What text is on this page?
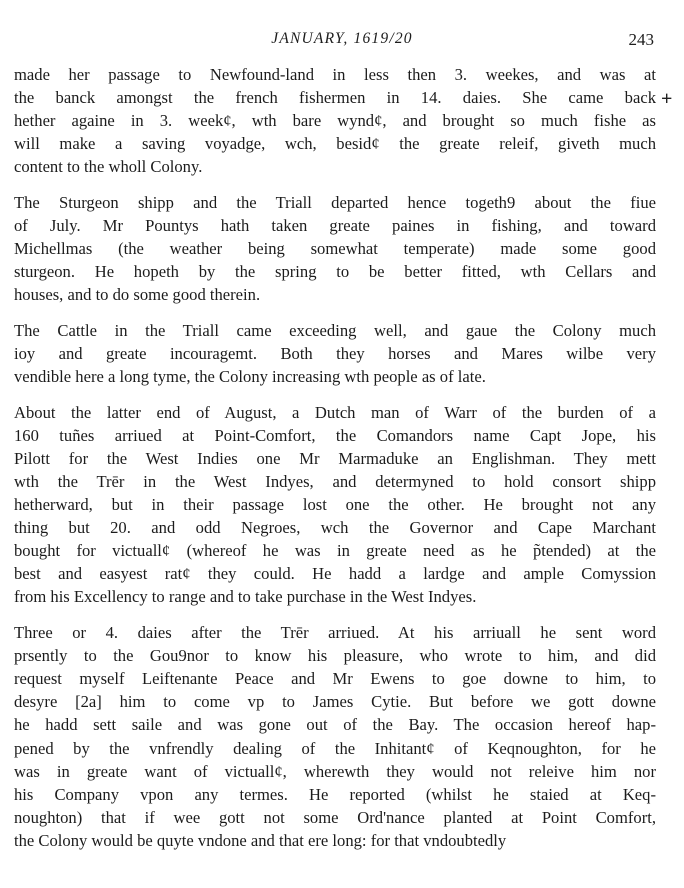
JANUARY, 1619/20	243
+

made her passage to Newfound-land in less then 3. weekes, and was at
the banck amongst the french fishermen in 14. daies. She came back
hether againe in 3. weekȼ, wth bare wyndȼ, and brought so much fishe as
will make a saving voyadge, wch, besidȼ the greate releif, giveth much
content to the wholl Colony.

The Sturgeon shipp and the Triall departed hence togeth9 about the fiue
of July. Mr Pountys hath taken greate paines in fishing, and toward
Michellmas (the weather being somewhat temperate) made some good
sturgeon. He hopeth by the spring to be better fitted, wth Cellars and
houses, and to do some good therein.

The Cattle in the Triall came exceeding well, and gaue the Colony much
ioy and greate incouragemt. Both they horses and Mares wilbe very
vendible here a long tyme, the Colony increasing wth people as of late.

About the latter end of August, a Dutch man of Warr of the burden of a
160 tuñes arriued at Point-Comfort, the Comandors name Capt Jope, his
Pilott for the West Indies one Mr Marmaduke an Englishman. They mett
wth the Trēr in the West Indyes, and determyned to hold consort shipp
hetherward, but in their passage lost one the other. He brought not any
thing but 20. and odd Negroes, wch the Governor and Cape Marchant
bought for victuallȼ (whereof he was in greate need as he p̃tended) at the
best and easyest ratȼ they could. He hadd a lardge and ample Comyssion
from his Excellency to range and to take purchase in the West Indyes.

Three or 4. daies after the Trēr arriued. At his arriuall he sent word
prsently to the Gou9nor to know his pleasure, who wrote to him, and did
request myself Leiftenante Peace and Mr Ewens to goe downe to him, to
desyre [2a] him to come vp to James Cytie. But before we gott downe
he hadd sett saile and was gone out of the Bay. The occasion hereof hap-
pened by the vnfrendly dealing of the Inhitantȼ of Keqnoughton, for he
was in greate want of victuallȼ, wherewth they would not releive him nor
his Company vpon any termes. He reported (whilst he staied at Keq-
noughton) that if wee gott not some Ord'nance planted at Point Comfort,
the Colony would be quyte vndone and that ere long: for that vndoubtedly
